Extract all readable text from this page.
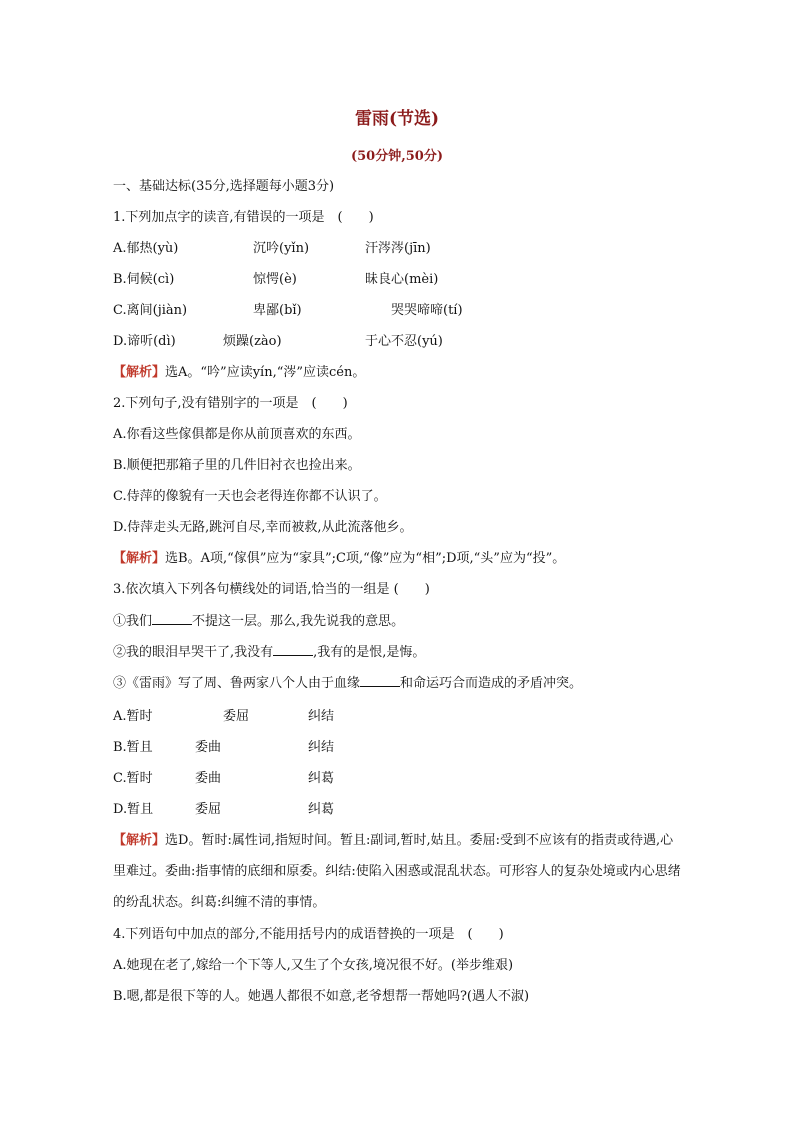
雷雨(节选)
(50分钟,50分)
一、基础达标(35分,选择题每小题3分)
1.下列加点字的读音,有错误的一项是　(　　)
A.郁热(yù)	沉吟(yǐn)	汗涔涔(jīn)
B.伺候(cì)	惊愕(è)	昧良心(mèi)
C.离间(jiàn)	卑鄙(bǐ)	哭哭啼啼(tí)
D.谛听(dì)	烦躁(zào)	于心不忍(yú)
【解析】选A。“吟”应读yín,“涔”应读cén。
2.下列句子,没有错别字的一项是　(　　)
A.你看这些傢俱都是你从前顶喜欢的东西。
B.顺便把那箱子里的几件旧衬衣也捡出来。
C.侍萍的像貌有一天也会老得连你都不认识了。
D.侍萍走头无路,跳河自尽,幸而被救,从此流落他乡。
【解析】选B。A项,“傢俱”应为“家具”;C项,“像”应为“相”;D项,“头”应为“投”。
3.依次填入下列各句横线处的词语,恰当的一组是 (　　)
①我们	不提这一层。那么,我先说我的意思。
②我的眼泪早哭干了,我没有	,我有的是恨,是悔。
③《雷雨》写了周、鲁两家八个人由于血缘	和命运巧合而造成的矛盾冲突。
A.暂时	委屈	纠结
B.暂且	委曲	纠结
C.暂时	委曲	纠葛
D.暂且	委屈	纠葛
【解析】选D。暂时:属性词,指短时间。暂且:副词,暂时,姑且。委屈:受到不应该有的指责或待遇,心里难过。委曲:指事情的底细和原委。纠结:使陷入困惑或混乱状态。可形容人的复杂处境或内心思绪的纷乱状态。纠葛:纠缠不清的事情。
4.下列语句中加点的部分,不能用括号内的成语替换的一项是　(　　)
A.她现在老了,嫁给一个下等人,又生了个女孩,境况很不好。(举步维艰)
B.嗯,都是很下等的人。她遇人都很不如意,老爷想帮一帮她吗?(遇人不淑)
